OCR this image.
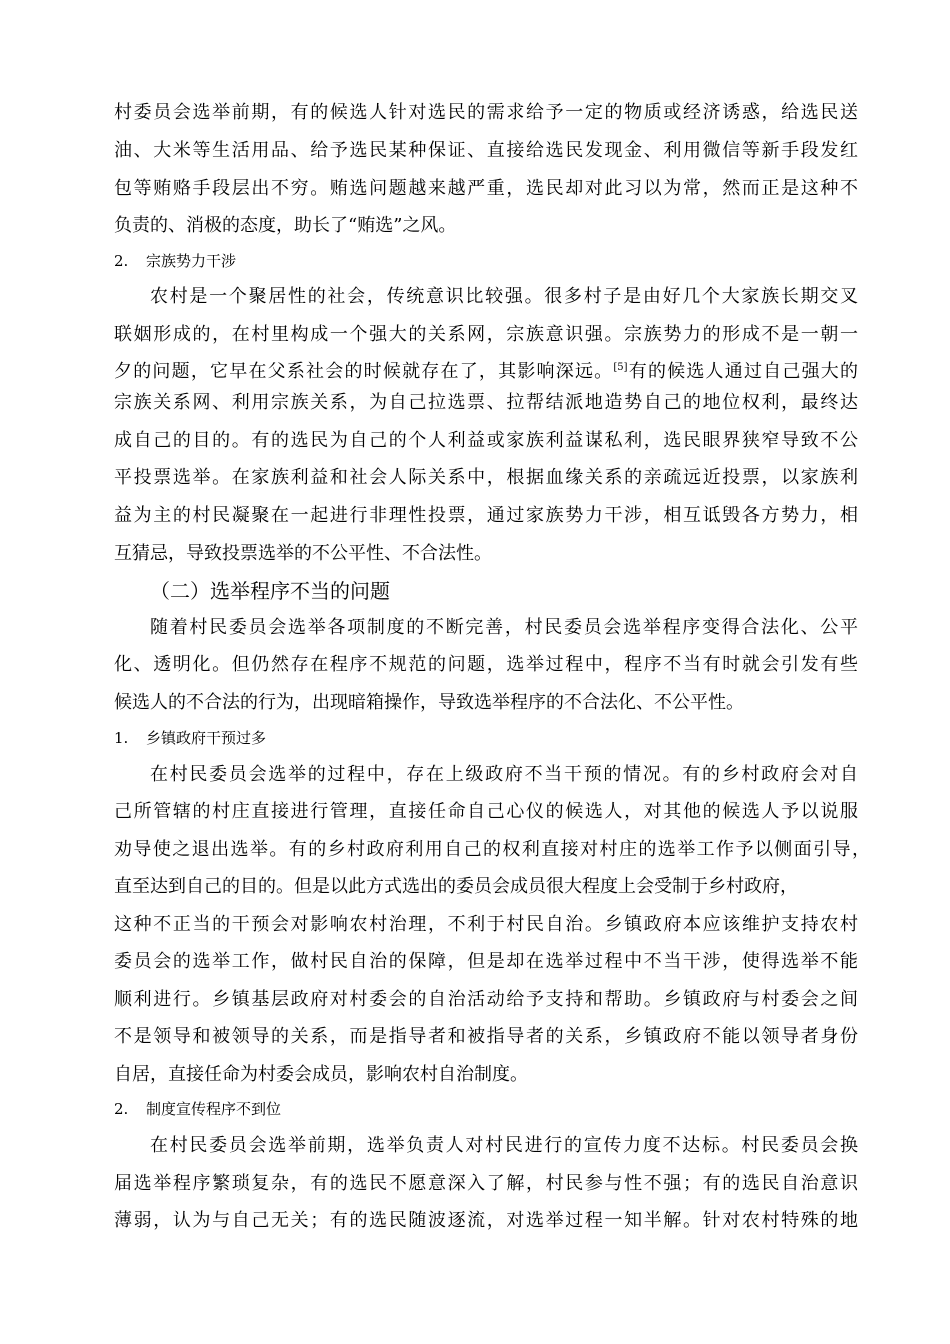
村委员会选举前期，有的候选人针对选民的需求给予一定的物质或经济诱惑，给选民送
油、大米等生活用品、给予选民某种保证、直接给选民发现金、利用微信等新手段发红
包等贿赂手段层出不穷。贿选问题越来越严重，选民却对此习以为常，然而正是这种不
负责的、消极的态度，助长了“贿选”之风。
2. 宗族势力干涉
农村是一个聚居性的社会，传统意识比较强。很多村子是由好几个大家族长期交叉
联姻形成的，在村里构成一个强大的关系网，宗族意识强。宗族势力的形成不是一朝一
夕的问题，它早在父系社会的时候就存在了，其影响深远。[5]有的候选人通过自己强大的
宗族关系网、利用宗族关系，为自己拉选票、拉帮结派地造势自己的地位权利，最终达
成自己的目的。有的选民为自己的个人利益或家族利益谋私利，选民眼界狭窄导致不公
平投票选举。在家族利益和社会人际关系中，根据血缘关系的亲疏远近投票，以家族利
益为主的村民凝聚在一起进行非理性投票，通过家族势力干涉，相互诋毁各方势力，相
互猜忌，导致投票选举的不公平性、不合法性。
（二）选举程序不当的问题
随着村民委员会选举各项制度的不断完善，村民委员会选举程序变得合法化、公平
化、透明化。但仍然存在程序不规范的问题，选举过程中，程序不当有时就会引发有些
候选人的不合法的行为，出现暗箱操作，导致选举程序的不合法化、不公平性。
1. 乡镇政府干预过多
在村民委员会选举的过程中，存在上级政府不当干预的情况。有的乡村政府会对自
己所管辖的村庄直接进行管理，直接任命自己心仪的候选人，对其他的候选人予以说服
劝导使之退出选举。有的乡村政府利用自己的权利直接对村庄的选举工作予以侧面引导，
直至达到自己的目的。但是以此方式选出的委员会成员很大程度上会受制于乡村政府，
这种不正当的干预会对影响农村治理，不利于村民自治。乡镇政府本应该维护支持农村
委员会的选举工作，做村民自治的保障，但是却在选举过程中不当干涉，使得选举不能
顺利进行。乡镇基层政府对村委会的自治活动给予支持和帮助。乡镇政府与村委会之间
不是领导和被领导的关系，而是指导者和被指导者的关系，乡镇政府不能以领导者身份
自居，直接任命为村委会成员，影响农村自治制度。
2. 制度宣传程序不到位
在村民委员会选举前期，选举负责人对村民进行的宣传力度不达标。村民委员会换
届选举程序繁琐复杂，有的选民不愿意深入了解，村民参与性不强；有的选民自治意识
薄弱，认为与自己无关；有的选民随波逐流，对选举过程一知半解。针对农村特殊的地
